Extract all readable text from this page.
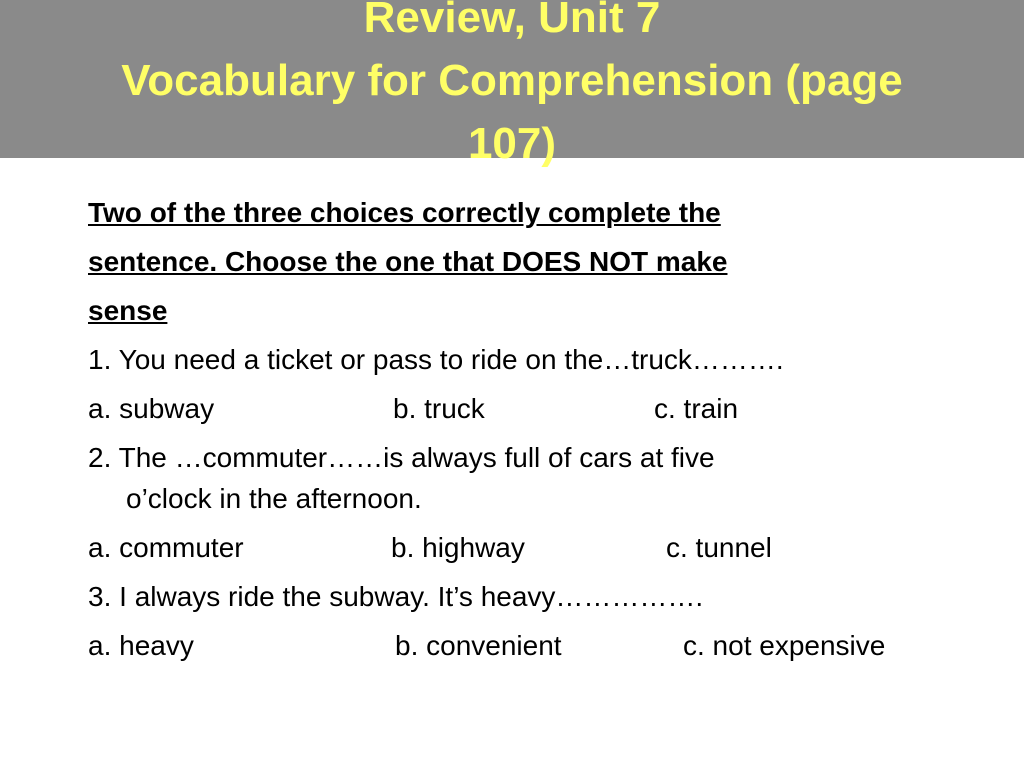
Review, Unit 7
Vocabulary for Comprehension (page
107)
Two of the three choices correctly complete the
sentence. Choose the one that DOES NOT make
sense
1. You need a ticket or pass to ride on the…truck……….
a. subway	b. truck	c. train
2. The …commuter……is always full of cars at five
o’clock in the afternoon.
a. commuter	b. highway	c. tunnel
3. I always ride the subway. It’s heavy…………….
a. heavy	b. convenient	c. not expensive
